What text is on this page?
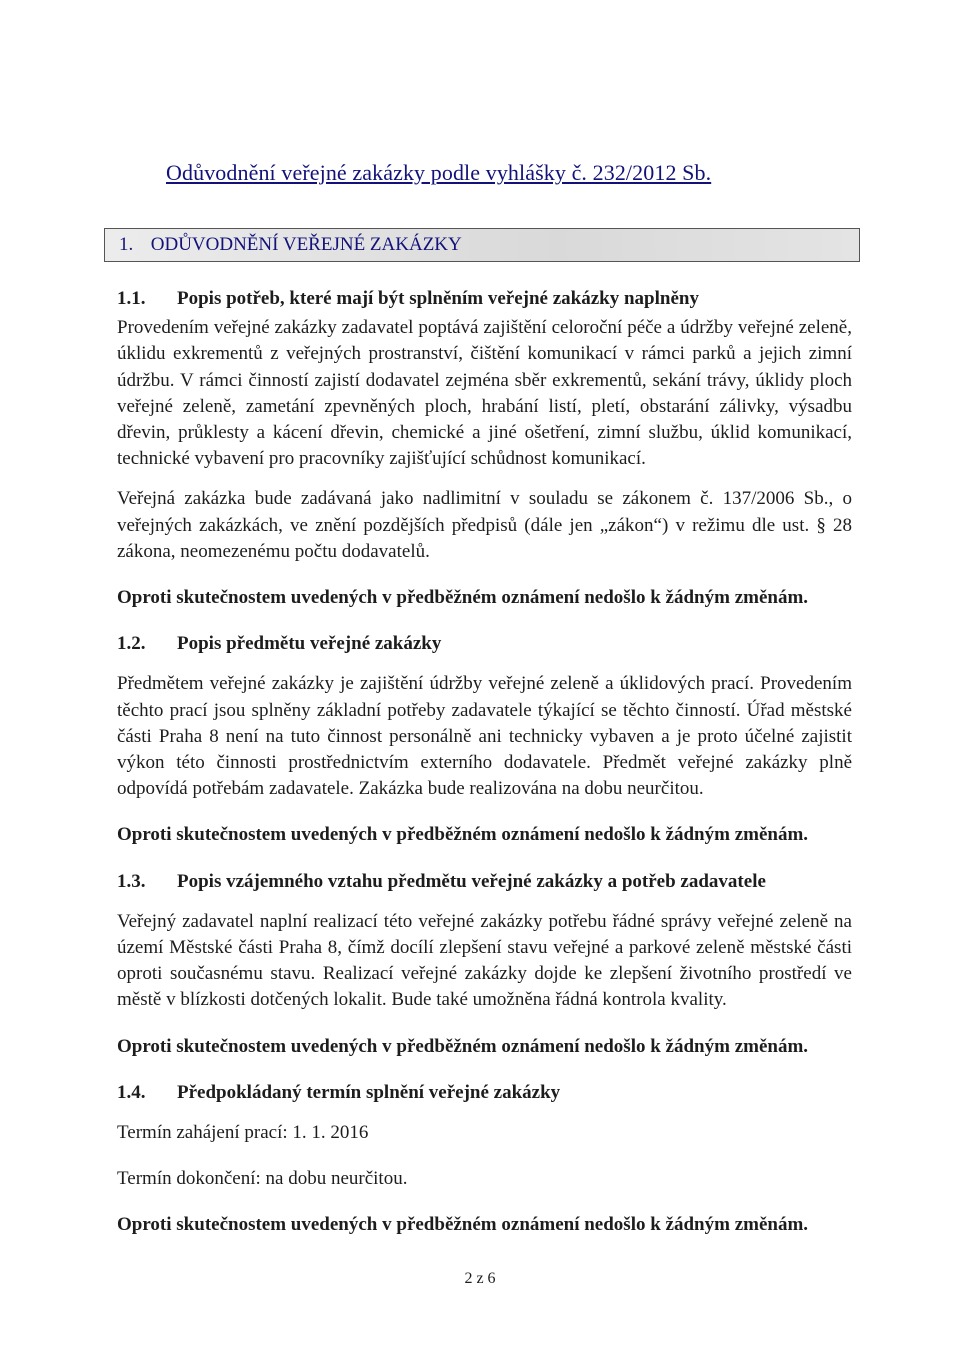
Odůvodnění veřejné zakázky podle vyhlášky č. 232/2012 Sb.
1. ODŮVODNĚNÍ VEŘEJNÉ ZAKÁZKY
1.1.	Popis potřeb, které mají být splněním veřejné zakázky naplněny

Provedením veřejné zakázky zadavatel poptává zajištění celoroční péče a údržby veřejné zeleně, úklidu exkrementů z veřejných prostranství, čištění komunikací v rámci parků a jejich zimní údržbu. V rámci činností zajistí dodavatel zejména sběr exkrementů, sekání trávy, úklidy ploch veřejné zeleně, zametání zpevněných ploch, hrabání listí, pletí, obstarání zálivky, výsadbu dřevin, průklesty a kácení dřevin, chemické a jiné ošetření, zimní službu, úklid komunikací, technické vybavení pro pracovníky zajišťující schůdnost komunikací.

Veřejná zakázka bude zadávaná jako nadlimitní v souladu se zákonem č. 137/2006 Sb., o veřejných zakázkách, ve znění pozdějších předpisů (dále jen „zákon“) v režimu dle ust. § 28 zákona, neomezenému počtu dodavatelů.

Oproti skutečnostem uvedených v předběžném oznámení nedošlo k žádným změnám.

1.2.	Popis předmětu veřejné zakázky

Předmětem veřejné zakázky je zajištění údržby veřejné zeleně a úklidových prací. Provedením těchto prací jsou splněny základní potřeby zadavatele týkající se těchto činností. Úřad městské části Praha 8 není na tuto činnost personálně ani technicky vybaven a je proto účelné zajistit výkon této činnosti prostřednictvím externího dodavatele. Předmět veřejné zakázky plně odpovídá potřebám zadavatele. Zakázka bude realizována na dobu neurčitou.

Oproti skutečnostem uvedených v předběžném oznámení nedošlo k žádným změnám.

1.3.	Popis vzájemného vztahu předmětu veřejné zakázky a potřeb zadavatele

Veřejný zadavatel naplní realizací této veřejné zakázky potřebu řádné správy veřejné zeleně na území Městské části Praha 8, čímž docílí zlepšení stavu veřejné a parkové zeleně městské části oproti současnému stavu. Realizací veřejné zakázky dojde ke zlepšení životního prostředí ve městě v blízkosti dotčených lokalit. Bude také umožněna řádná kontrola kvality.

Oproti skutečnostem uvedených v předběžném oznámení nedošlo k žádným změnám.

1.4.	Předpokládaný termín splnění veřejné zakázky

Termín zahájení prací: 1. 1. 2016

Termín dokončení: na dobu neurčitou.

Oproti skutečnostem uvedených v předběžném oznámení nedošlo k žádným změnám.

2 z 6
